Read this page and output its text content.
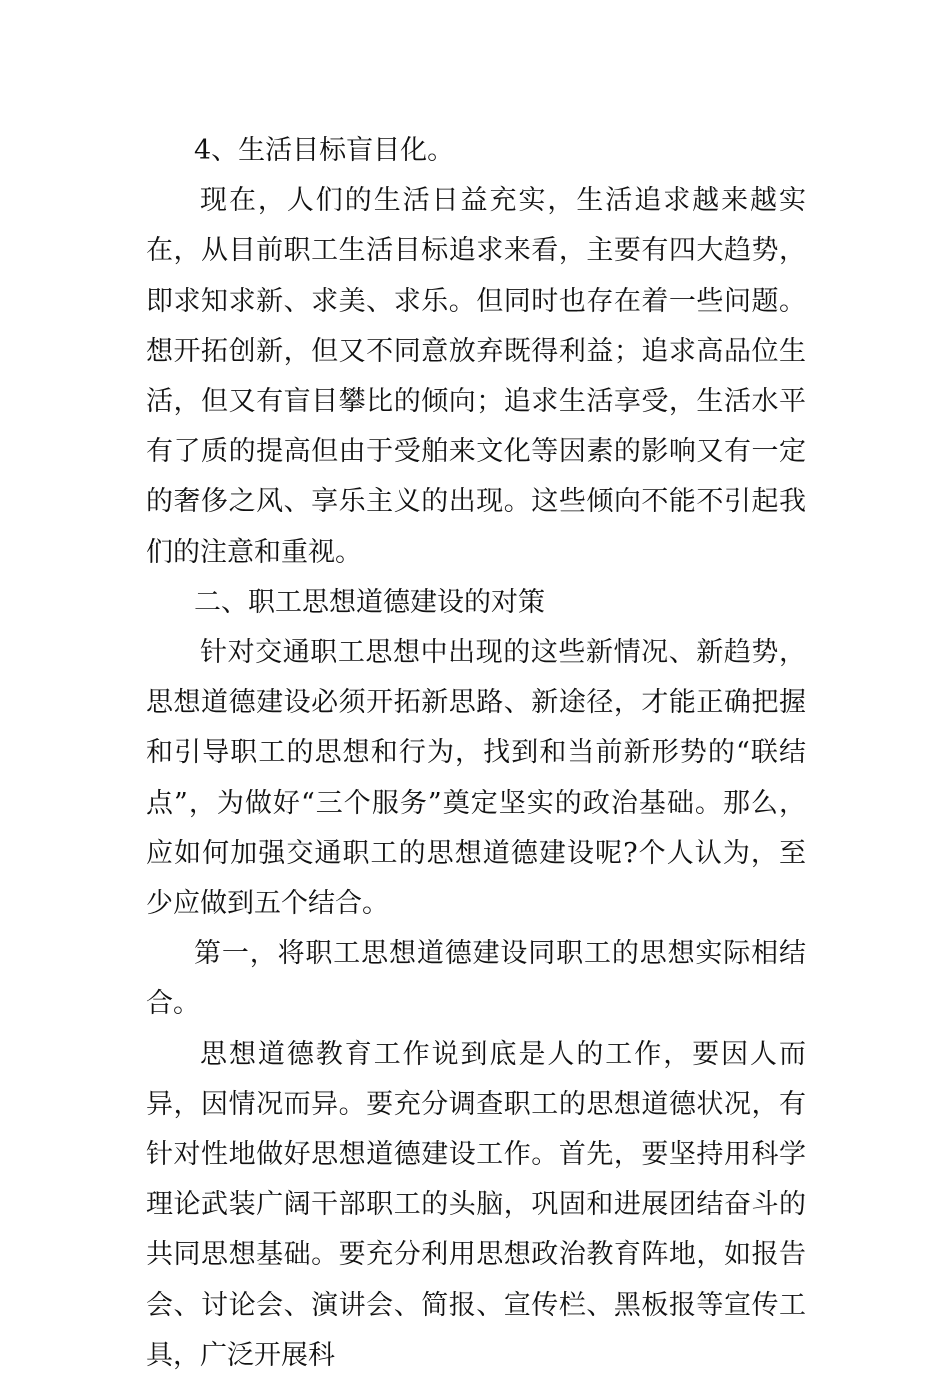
4、生活目标盲目化。

现在，人们的生活日益充实，生活追求越来越实在，从目前职工生活目标追求来看，主要有四大趋势，即求知求新、求美、求乐。但同时也存在着一些问题。想开拓创新，但又不同意放弃既得利益；追求高品位生活，但又有盲目攀比的倾向；追求生活享受，生活水平有了质的提高但由于受舶来文化等因素的影响又有一定的奢侈之风、享乐主义的出现。这些倾向不能不引起我们的注意和重视。

二、职工思想道德建设的对策

针对交通职工思想中出现的这些新情况、新趋势，思想道德建设必须开拓新思路、新途径，才能正确把握和引导职工的思想和行为，找到和当前新形势的“联结点”，为做好“三个服务”奠定坚实的政治基础。那么，应如何加强交通职工的思想道德建设呢?个人认为，至少应做到五个结合。

第一，将职工思想道德建设同职工的思想实际相结合。

思想道德教育工作说到底是人的工作，要因人而异，因情况而异。要充分调查职工的思想道德状况，有针对性地做好思想道德建设工作。首先，要坚持用科学理论武装广阔干部职工的头脑，巩固和进展团结奋斗的共同思想基础。要充分利用思想政治教育阵地，如报告会、讨论会、演讲会、简报、宣传栏、黑板报等宣传工具，广泛开展科
